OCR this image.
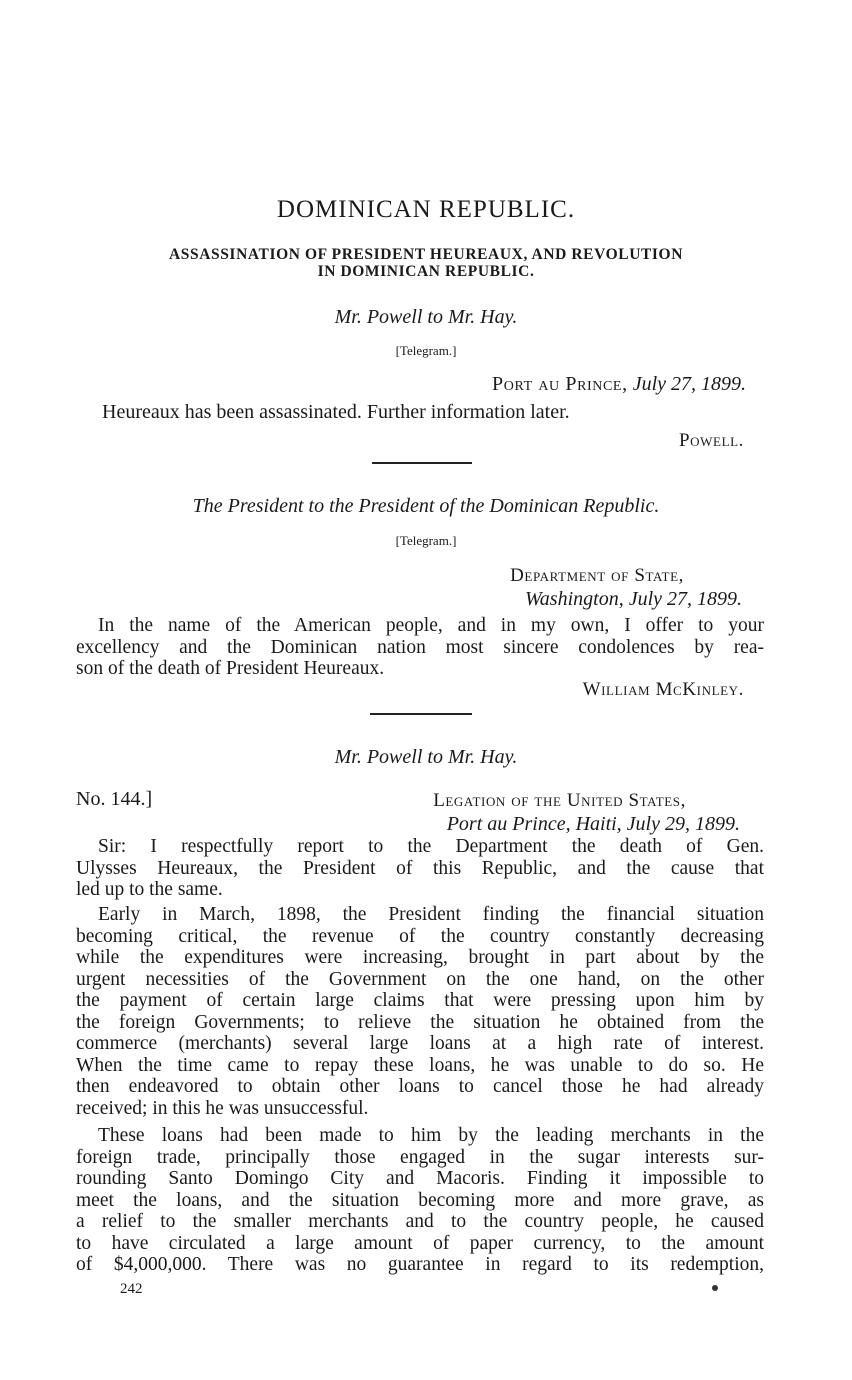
DOMINICAN REPUBLIC.
ASSASSINATION OF PRESIDENT HEUREAUX, AND REVOLUTION
IN DOMINICAN REPUBLIC.
Mr. Powell to Mr. Hay.
[Telegram.]
Port au Prince, July 27, 1899.
Heureaux has been assassinated. Further information later.
Powell.
The President to the President of the Dominican Republic.
[Telegram.]
Department of State,
Washington, July 27, 1899.
In the name of the American people, and in my own, I offer to your
excellency and the Dominican nation most sincere condolences by rea-
son of the death of President Heureaux.
William McKinley.
Mr. Powell to Mr. Hay.
No. 144.]	Legation of the United States,
Port au Prince, Haiti, July 29, 1899.
Sir: I respectfully report to the Department the death of Gen.
Ulysses Heureaux, the President of this Republic, and the cause that
led up to the same.
Early in March, 1898, the President finding the financial situation
becoming critical, the revenue of the country constantly decreasing
while the expenditures were increasing, brought in part about by the
urgent necessities of the Government on the one hand, on the other
the payment of certain large claims that were pressing upon him by
the foreign Governments; to relieve the situation he obtained from the
commerce (merchants) several large loans at a high rate of interest.
When the time came to repay these loans, he was unable to do so. He
then endeavored to obtain other loans to cancel those he had already
received; in this he was unsuccessful.
These loans had been made to him by the leading merchants in the
foreign trade, principally those engaged in the sugar interests sur-
rounding Santo Domingo City and Macoris. Finding it impossible to
meet the loans, and the situation becoming more and more grave, as
a relief to the smaller merchants and to the country people, he caused
to have circulated a large amount of paper currency, to the amount
of $4,000,000. There was no guarantee in regard to its redemption,
242
